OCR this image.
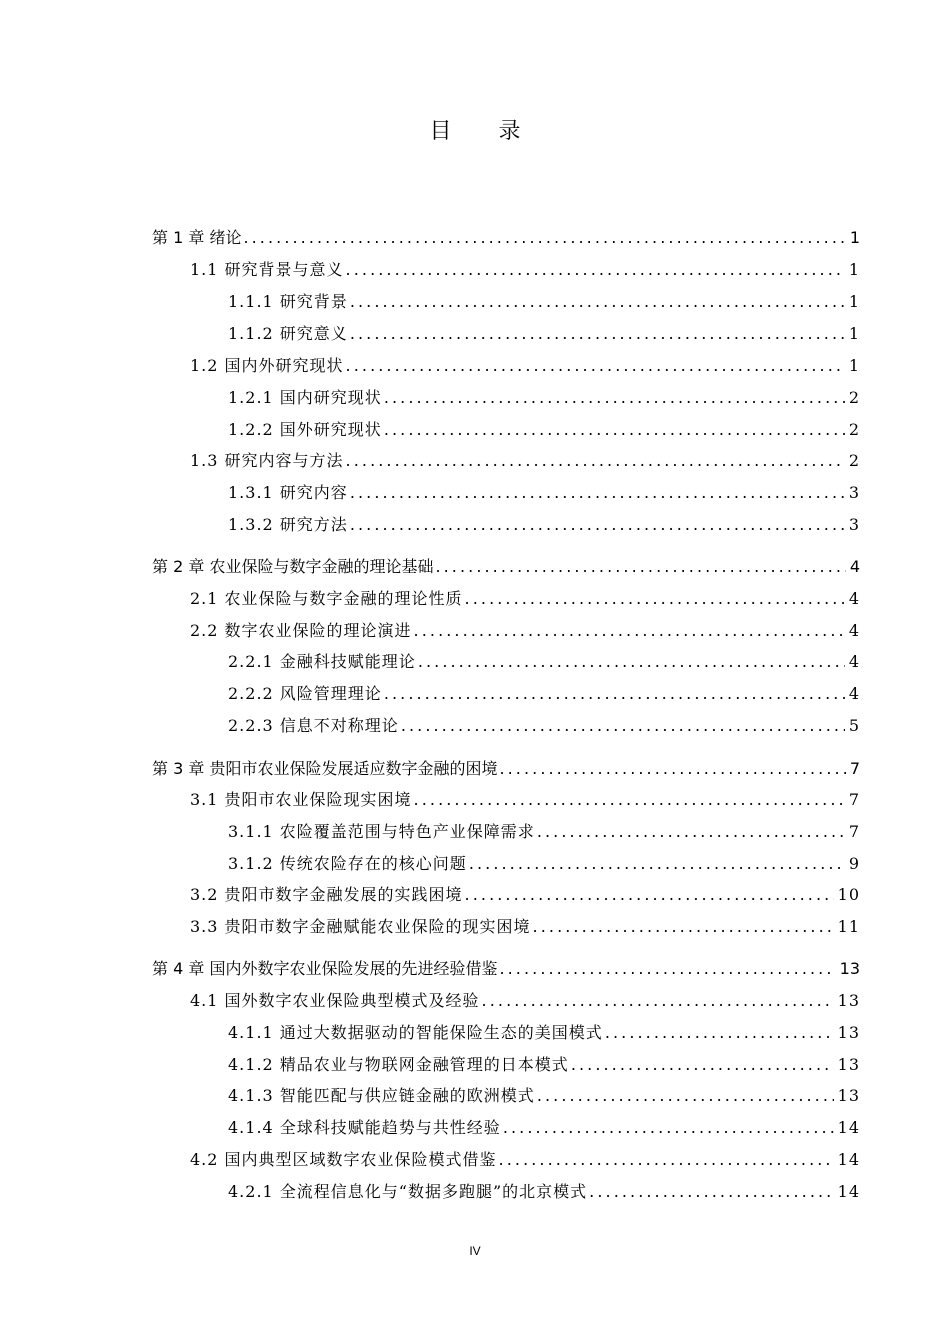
目 录
第 1 章 绪论 . . .	1
1.1 研究背景与意义 . . .	1
1.1.1 研究背景 . . .	1
1.1.2 研究意义 . . .	1
1.2 国内外研究现状 . . .	1
1.2.1 国内研究现状 . . .	2
1.2.2 国外研究现状 . . .	2
1.3 研究内容与方法 . . .	2
1.3.1 研究内容 . . .	3
1.3.2 研究方法 . . .	3
第 2 章 农业保险与数字金融的理论基础 . . .	4
2.1 农业保险与数字金融的理论性质 . . .	4
2.2 数字农业保险的理论演进 . . .	4
2.2.1 金融科技赋能理论 . . .	4
2.2.2 风险管理理论 . . .	4
2.2.3 信息不对称理论 . . .	5
第 3 章 贵阳市农业保险发展适应数字金融的困境 . . .	7
3.1 贵阳市农业保险现实困境 . . .	7
3.1.1 农险覆盖范围与特色产业保障需求 . . .	7
3.1.2 传统农险存在的核心问题 . . .	9
3.2 贵阳市数字金融发展的实践困境 . . .	10
3.3 贵阳市数字金融赋能农业保险的现实困境 . . .	11
第 4 章 国内外数字农业保险发展的先进经验借鉴 . . .	13
4.1 国外数字农业保险典型模式及经验 . . .	13
4.1.1 通过大数据驱动的智能保险生态的美国模式 . . .	13
4.1.2 精品农业与物联网金融管理的日本模式 . . .	13
4.1.3 智能匹配与供应链金融的欧洲模式 . . .	13
4.1.4 全球科技赋能趋势与共性经验 . . .	14
4.2 国内典型区域数字农业保险模式借鉴 . . .	14
4.2.1 全流程信息化与“数据多跑腿”的北京模式 . . .	14
IV
